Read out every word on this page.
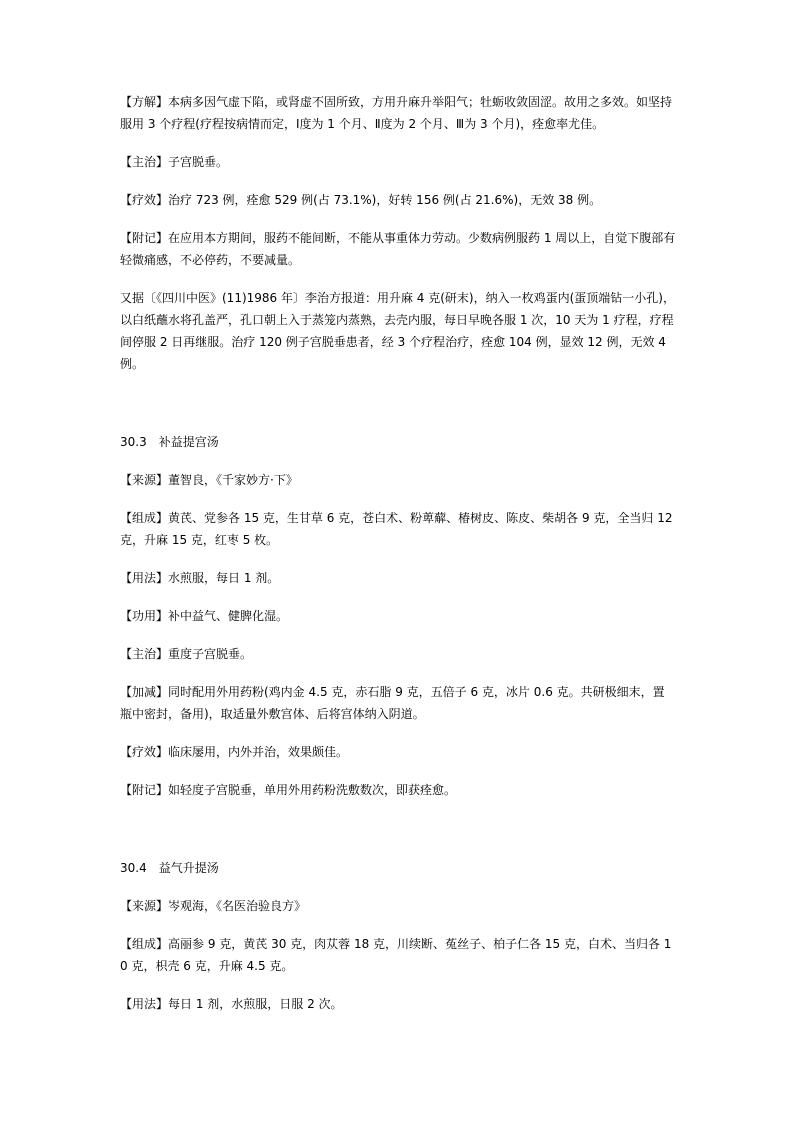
【方解】本病多因气虚下陷，或肾虚不固所致，方用升麻升举阳气；牡蛎收敛固涩。故用之多效。如坚持服用 3 个疗程(疗程按病情而定，Ⅰ度为 1 个月、Ⅱ度为 2 个月、Ⅲ为 3 个月)，痊愈率尤佳。

【主治】子宫脱垂。

【疗效】治疗 723 例，痊愈 529 例(占 73.1%)，好转 156 例(占 21.6%)，无效 38 例。

【附记】在应用本方期间，服药不能间断，不能从事重体力劳动。少数病例服药 1 周以上，自觉下腹部有轻微痛感，不必停药，不要减量。

又据〔《四川中医》(11)1986 年〕李治方报道：用升麻 4 克(研末)，纳入一枚鸡蛋内(蛋顶端钻一小孔)，以白纸蘸水将孔盖严，孔口朝上入于蒸笼内蒸熟，去壳内服，每日早晚各服 1 次，10 天为 1 疗程，疗程间停服 2 日再继服。治疗 120 例子宫脱垂患者，经 3 个疗程治疗，痊愈 104 例，显效 12 例，无效 4 例。

30.3　补益提宫汤

【来源】董智良，《千家妙方·下》

【组成】黄芪、党参各 15 克，生甘草 6 克，苍白术、粉萆薢、椿树皮、陈皮、柴胡各 9 克，全当归 12 克，升麻 15 克，红枣 5 枚。

【用法】水煎服，每日 1 剂。

【功用】补中益气、健脾化湿。

【主治】重度子宫脱垂。

【加减】同时配用外用药粉(鸡内金 4.5 克，赤石脂 9 克，五倍子 6 克，冰片 0.6 克。共研极细末，置瓶中密封，备用)，取适量外敷宫体、后将宫体纳入阴道。

【疗效】临床屡用，内外并治，效果颇佳。

【附记】如轻度子宫脱垂，单用外用药粉洗敷数次，即获痊愈。

30.4　益气升提汤

【来源】岑观海，《名医治验良方》

【组成】高丽参 9 克，黄芪 30 克，肉苁蓉 18 克，川续断、菟丝子、柏子仁各 15 克，白术、当归各 10 克，枳壳 6 克，升麻 4.5 克。

【用法】每日 1 剂，水煎服，日服 2 次。
